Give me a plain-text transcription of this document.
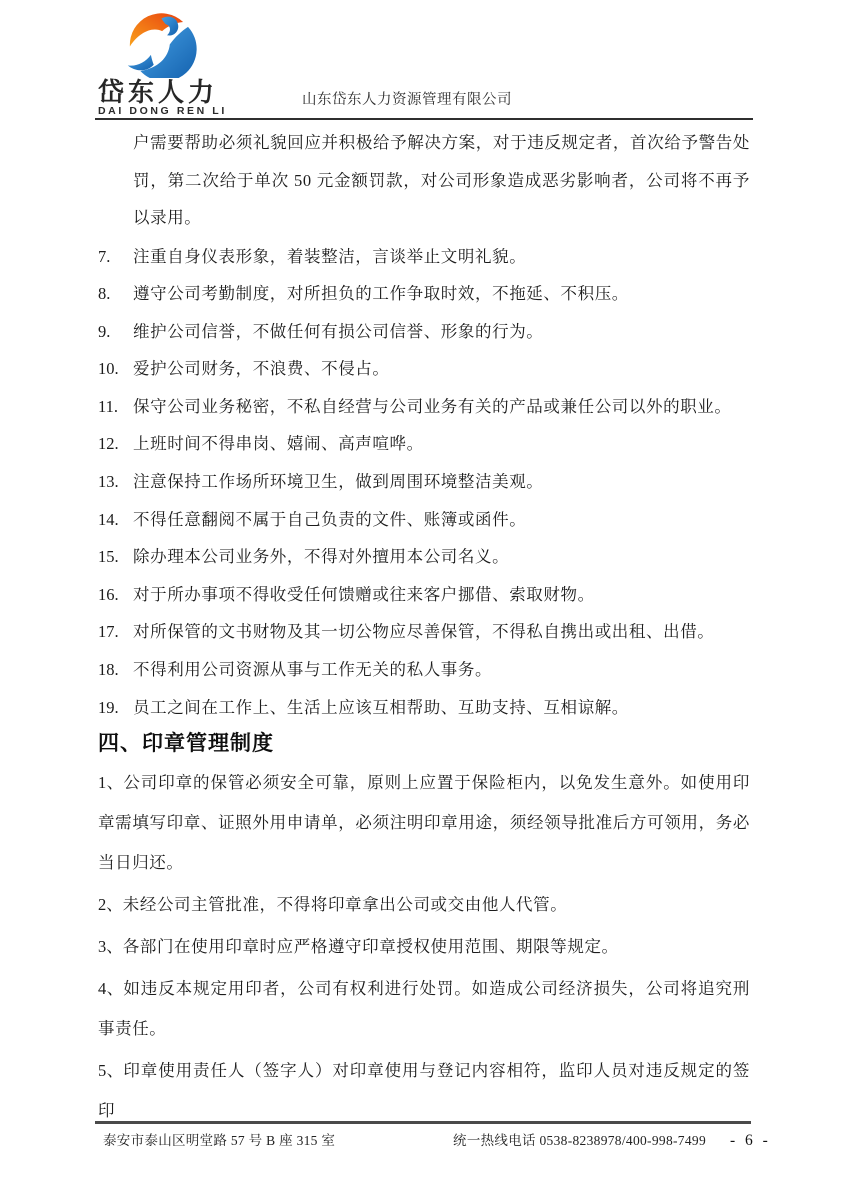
岱东人力
DAI DONG REN LI
山东岱东人力资源管理有限公司

户需要帮助必须礼貌回应并积极给予解决方案，对于违反规定者，首次给予警告处罚，第二次给于单次 50 元金额罚款，对公司形象造成恶劣影响者，公司将不再予以录用。

7.	注重自身仪表形象，着装整洁，言谈举止文明礼貌。
8.	遵守公司考勤制度，对所担负的工作争取时效，不拖延、不积压。
9.	维护公司信誉，不做任何有损公司信誉、形象的行为。
10. 爱护公司财务，不浪费、不侵占。
11. 保守公司业务秘密，不私自经营与公司业务有关的产品或兼任公司以外的职业。
12. 上班时间不得串岗、嬉闹、高声喧哗。
13. 注意保持工作场所环境卫生，做到周围环境整洁美观。
14. 不得任意翻阅不属于自己负责的文件、账簿或函件。
15. 除办理本公司业务外，不得对外擅用本公司名义。
16. 对于所办事项不得收受任何馈赠或往来客户挪借、索取财物。
17. 对所保管的文书财物及其一切公物应尽善保管，不得私自携出或出租、出借。
18. 不得利用公司资源从事与工作无关的私人事务。
19. 员工之间在工作上、生活上应该互相帮助、互助支持、互相谅解。
四、印章管理制度

1、公司印章的保管必须安全可靠，原则上应置于保险柜内，以免发生意外。如使用印章需填写印章、证照外用申请单，必须注明印章用途，须经领导批准后方可领用，务必当日归还。

2、未经公司主管批准，不得将印章拿出公司或交由他人代管。

3、各部门在使用印章时应严格遵守印章授权使用范围、期限等规定。

4、如违反本规定用印者，公司有权利进行处罚。如造成公司经济损失，公司将追究刑事责任。

5、印章使用责任人（签字人）对印章使用与登记内容相符，监印人员对违反规定的签印

泰安市泰山区明堂路 57 号 B 座 315 室	统一热线电话 0538-8238978/400-998-7499 - 6 -
